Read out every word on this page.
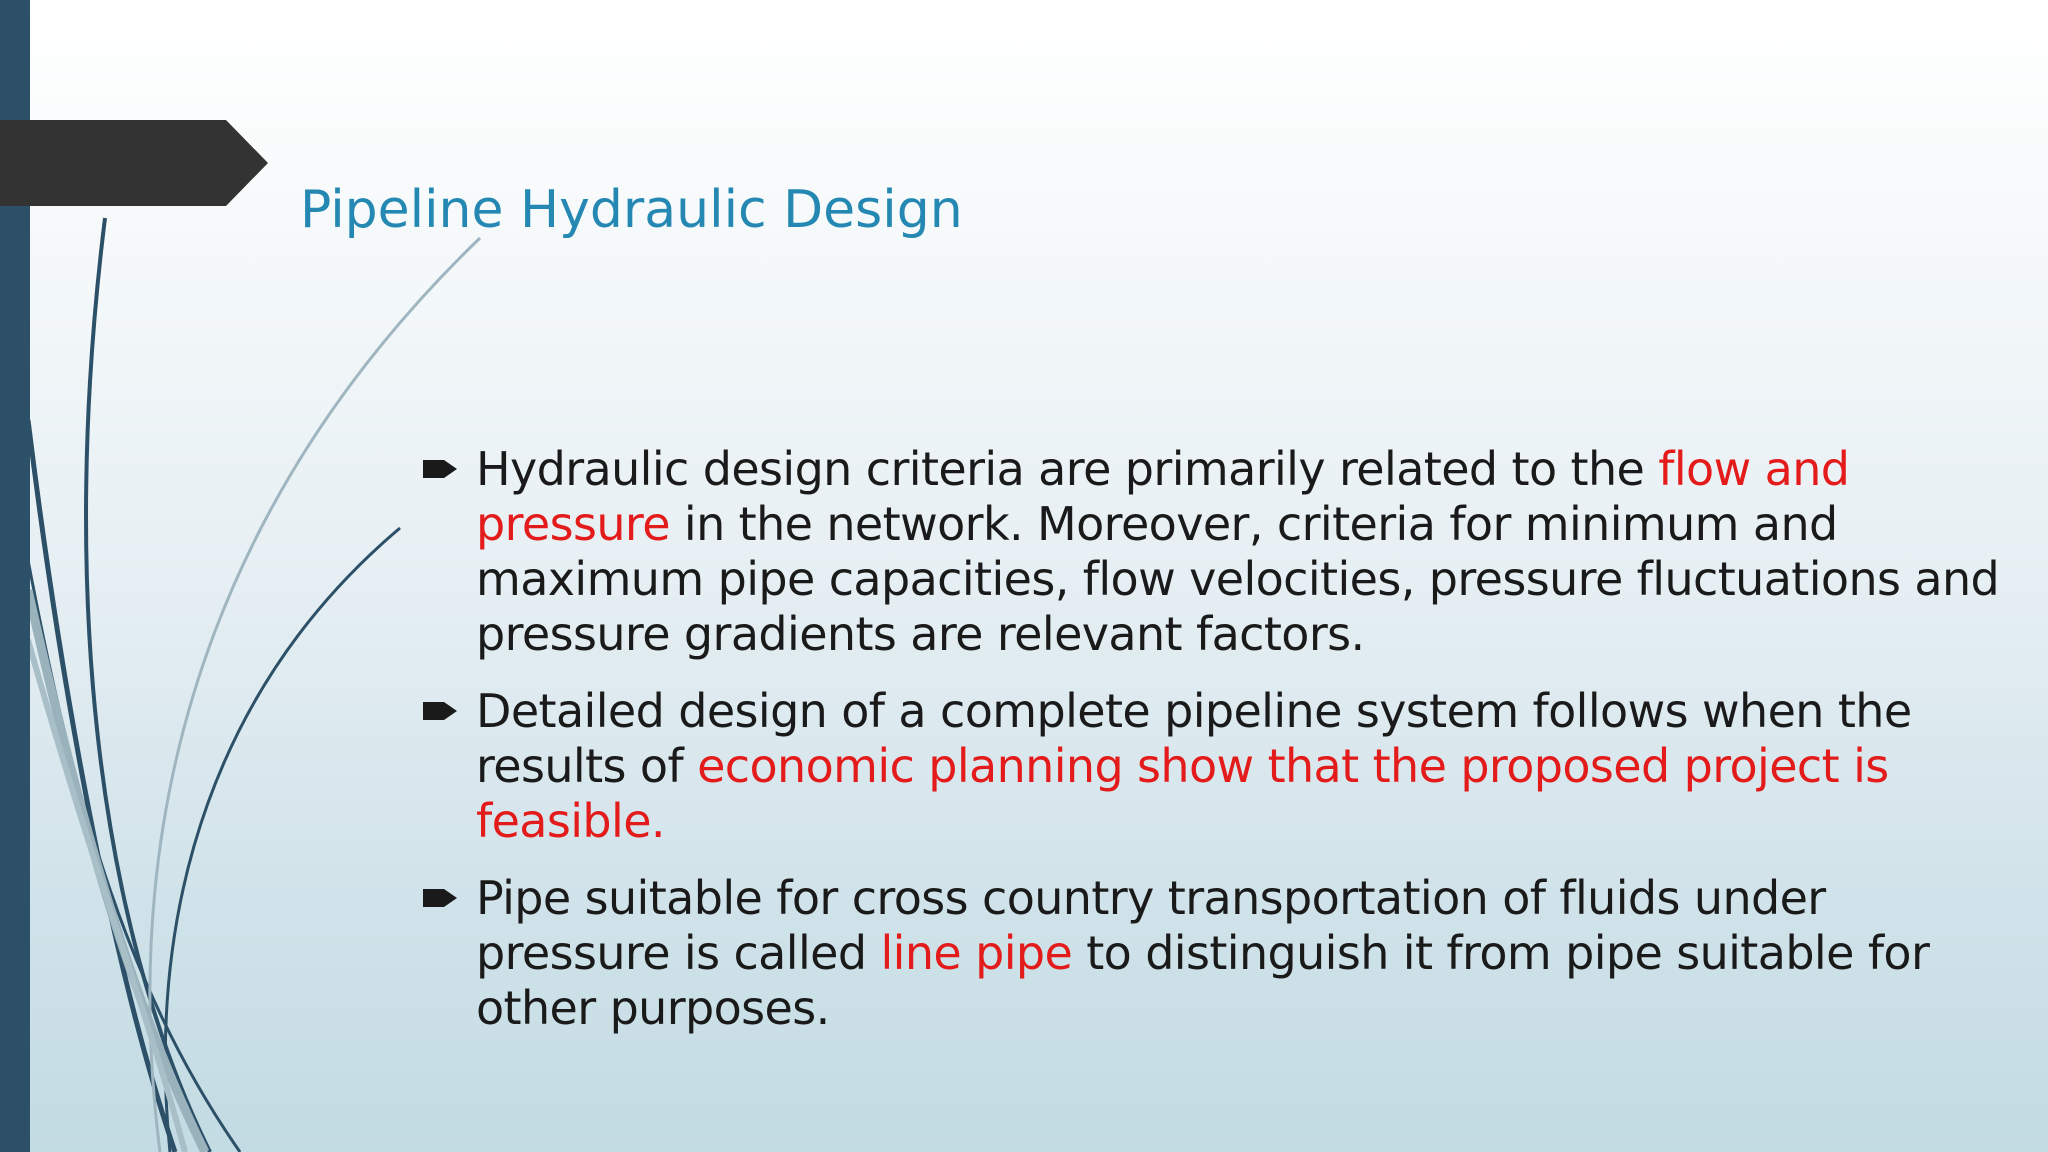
Pipeline Hydraulic Design
Hydraulic design criteria are primarily related to the flow and pressure in the network. Moreover, criteria for minimum and maximum pipe capacities, flow velocities, pressure fluctuations and pressure gradients are relevant factors.
Detailed design of a complete pipeline system follows when the results of economic planning show that the proposed project is feasible.
Pipe suitable for cross country transportation of fluids under pressure is called line pipe to distinguish it from pipe suitable for other purposes.
